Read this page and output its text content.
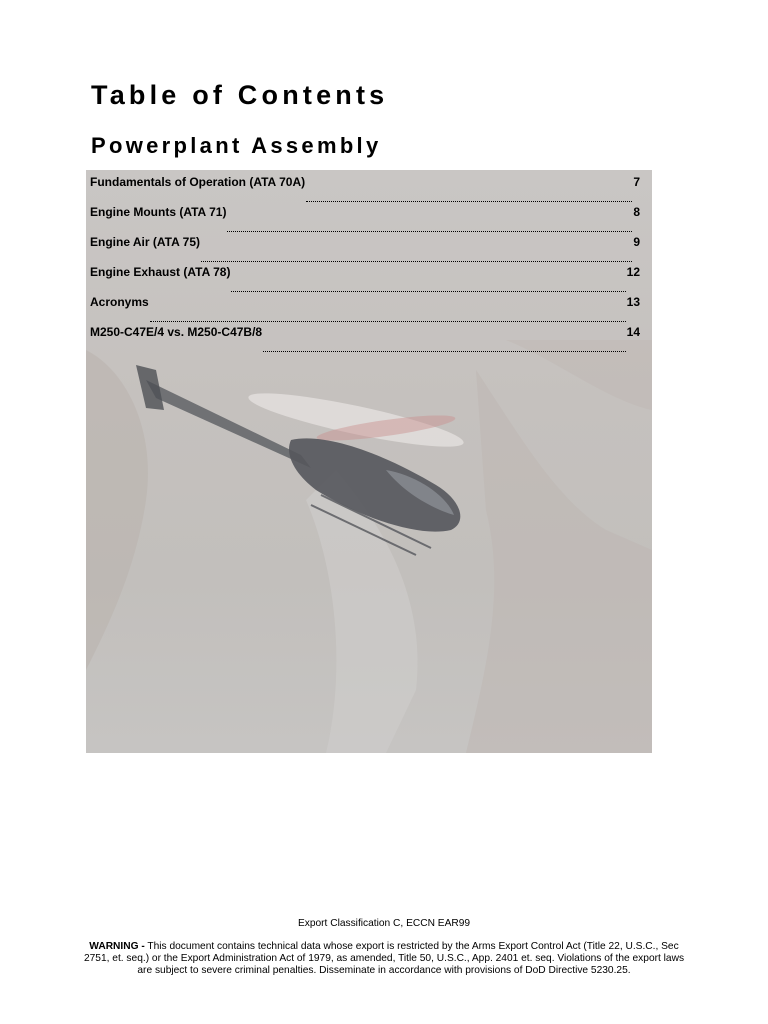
Table of Contents
Powerplant Assembly
Fundamentals of Operation (ATA 70A)	7
Engine Mounts (ATA 71)	8
Engine Air (ATA 75)	9
Engine Exhaust (ATA 78)	12
Acronyms	13
M250-C47E/4 vs. M250-C47B/8	14
Export Classification C, ECCN EAR99
WARNING - This document contains technical data whose export is restricted by the Arms Export Control Act (Title 22, U.S.C., Sec 2751, et. seq.) or the Export Administration Act of 1979, as amended, Title 50, U.S.C., App. 2401 et. seq. Violations of the export laws are subject to severe criminal penalties. Disseminate in accordance with provisions of DoD Directive 5230.25.
